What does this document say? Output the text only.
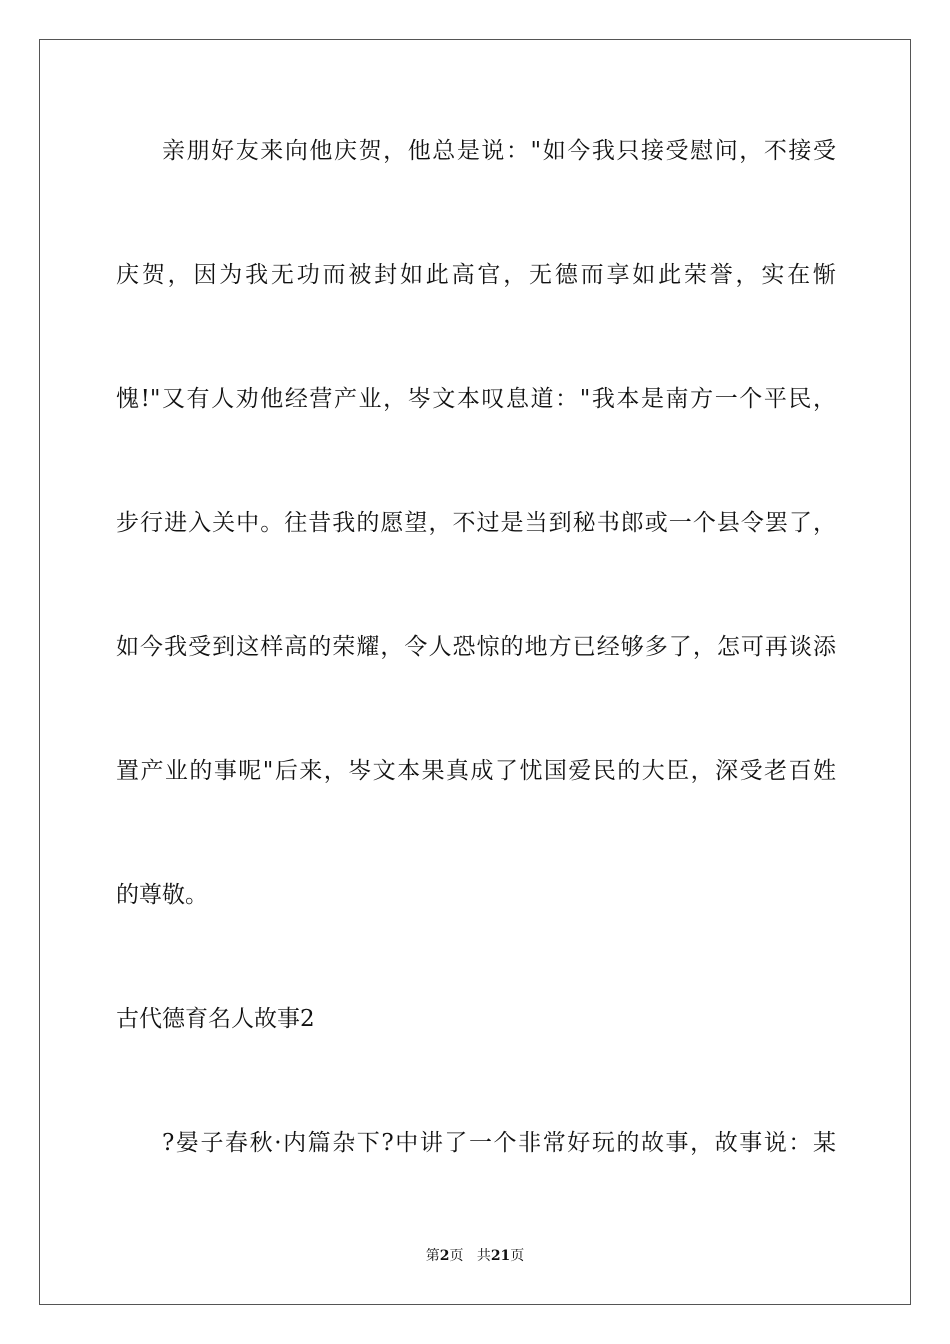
亲朋好友来向他庆贺，他总是说："如今我只接受慰问，不接受
庆贺，因为我无功而被封如此高官，无德而享如此荣誉，实在惭
愧!"又有人劝他经营产业，岑文本叹息道："我本是南方一个平民，
步行进入关中。往昔我的愿望，不过是当到秘书郎或一个县令罢了，
如今我受到这样高的荣耀，令人恐惊的地方已经够多了，怎可再谈添
置产业的事呢"后来，岑文本果真成了忧国爱民的大臣，深受老百姓
的尊敬。
古代德育名人故事2
?晏子春秋·内篇杂下?中讲了一个非常好玩的故事，故事说：某
第2页 共21页
